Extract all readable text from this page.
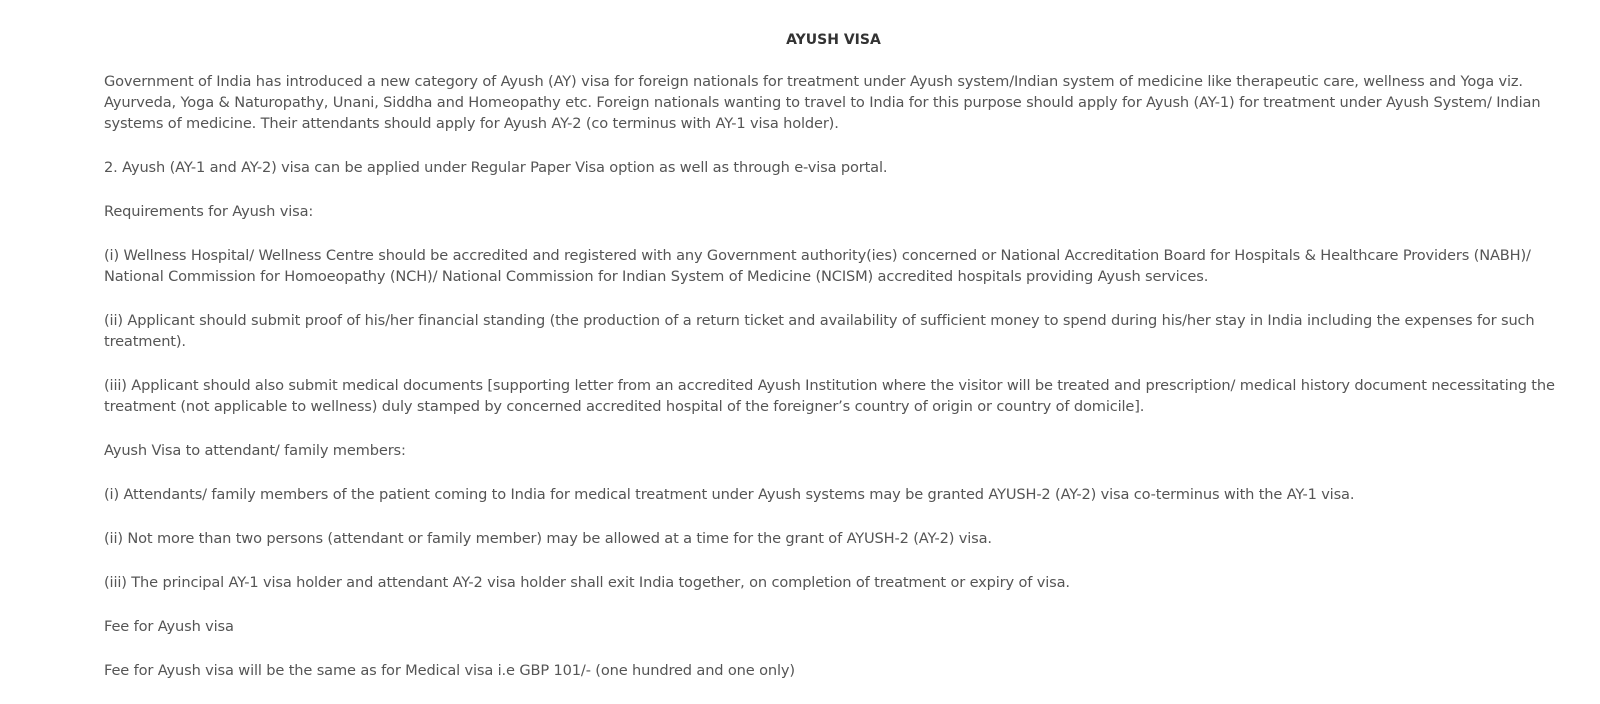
AYUSH VISA

Government of India has introduced a new category of Ayush (AY) visa for foreign nationals for treatment under Ayush system/Indian system of medicine like therapeutic care, wellness and Yoga viz. Ayurveda, Yoga & Naturopathy, Unani, Siddha and Homeopathy etc. Foreign nationals wanting to travel to India for this purpose should apply for Ayush (AY-1) for treatment under Ayush System/ Indian systems of medicine. Their attendants should apply for Ayush AY-2 (co terminus with AY-1 visa holder).

2. Ayush (AY-1 and AY-2) visa can be applied under Regular Paper Visa option as well as through e-visa portal.

Requirements for Ayush visa:

(i) Wellness Hospital/ Wellness Centre should be accredited and registered with any Government authority(ies) concerned or National Accreditation Board for Hospitals & Healthcare Providers (NABH)/ National Commission for Homoeopathy (NCH)/ National Commission for Indian System of Medicine (NCISM) accredited hospitals providing Ayush services.

(ii) Applicant should submit proof of his/her financial standing (the production of a return ticket and availability of sufficient money to spend during his/her stay in India including the expenses for such treatment).

(iii) Applicant should also submit medical documents [supporting letter from an accredited Ayush Institution where the visitor will be treated and prescription/ medical history document necessitating the treatment (not applicable to wellness) duly stamped by concerned accredited hospital of the foreigner’s country of origin or country of domicile].

Ayush Visa to attendant/ family members:

(i) Attendants/ family members of the patient coming to India for medical treatment under Ayush systems may be granted AYUSH-2 (AY-2) visa co-terminus with the AY-1 visa.

(ii) Not more than two persons (attendant or family member) may be allowed at a time for the grant of AYUSH-2 (AY-2) visa.

(iii) The principal AY-1 visa holder and attendant AY-2 visa holder shall exit India together, on completion of treatment or expiry of visa.

Fee for Ayush visa

Fee for Ayush visa will be the same as for Medical visa i.e GBP 101/- (one hundred and one only)
